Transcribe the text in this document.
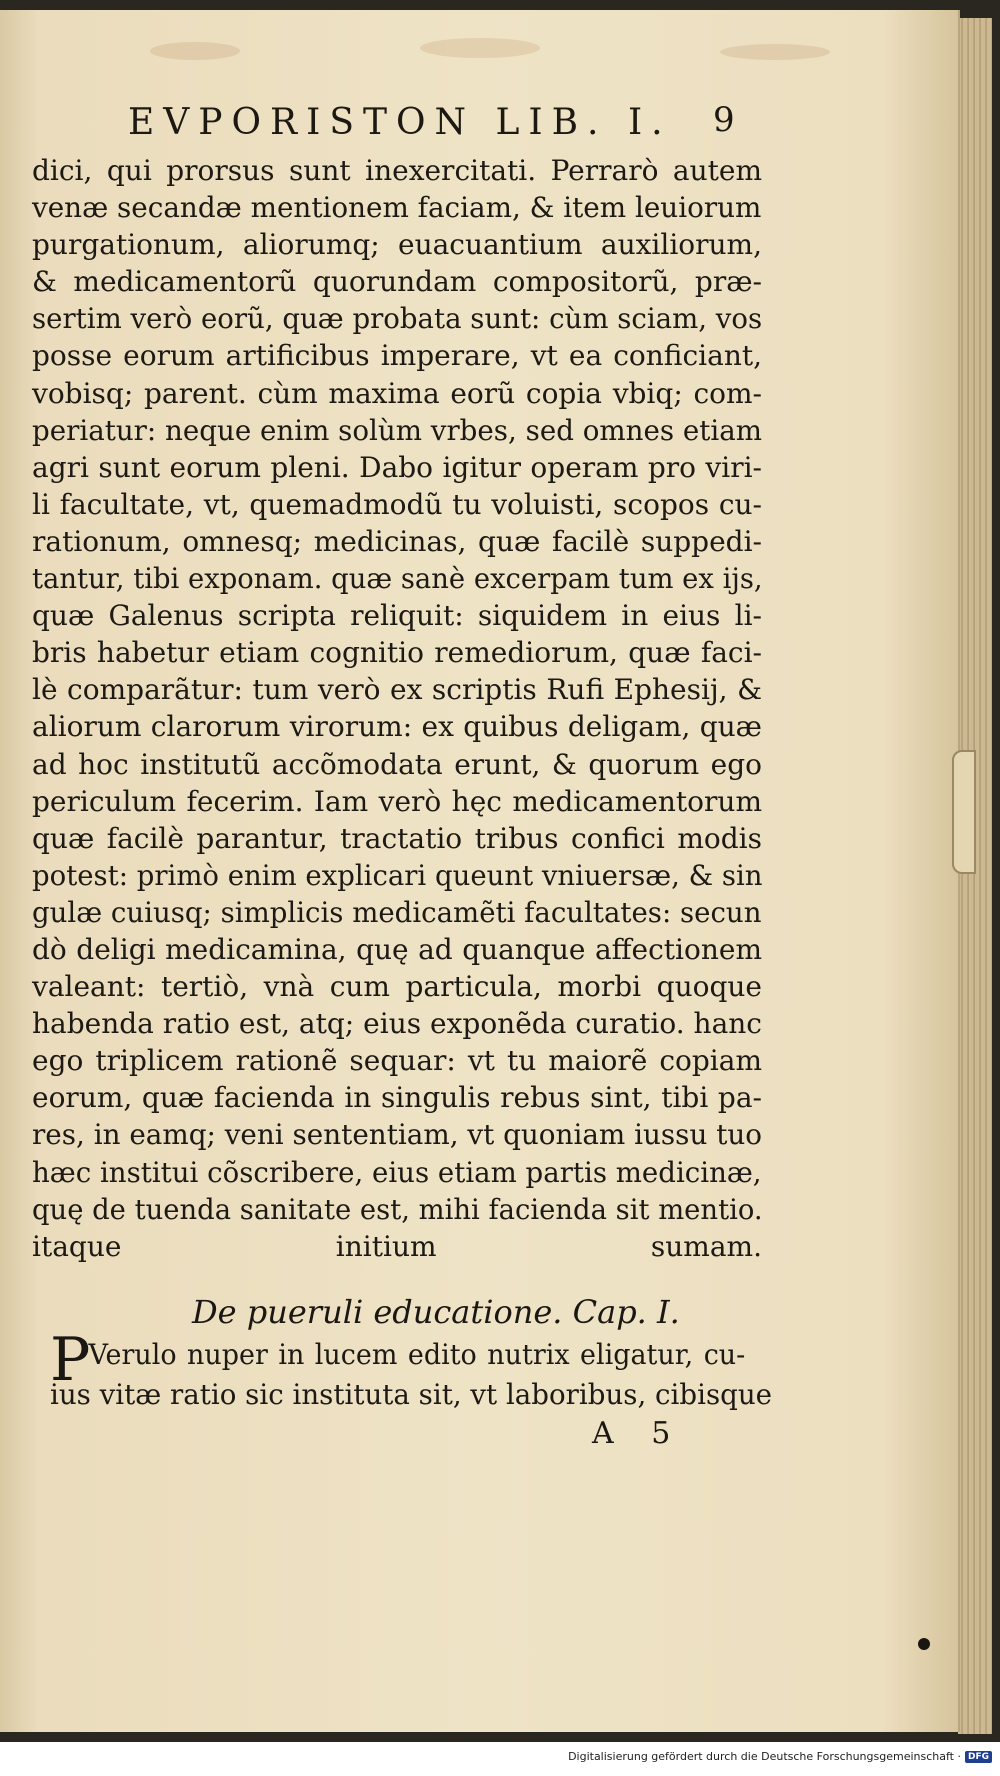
EVPORISTON LIB. I. 9
dici, qui prorsus sunt inexercitati. Perrarò autem
venæ secandæ mentionem faciam, & item leuiorum
purgationum, aliorumq; euacuantium auxiliorum,
& medicamentorũ quorundam compositorũ, præ-
sertim verò eorũ, quæ probata sunt: cùm sciam, vos
posse eorum artificibus imperare, vt ea conficiant,
vobisq; parent. cùm maxima eorũ copia vbiq; com-
periatur: neque enim solùm vrbes, sed omnes etiam
agri sunt eorum pleni. Dabo igitur operam pro viri-
li facultate, vt, quemadmodũ tu voluisti, scopos cu-
rationum, omnesq; medicinas, quæ facilè suppedi-
tantur, tibi exponam. quæ sanè excerpam tum ex ijs,
quæ Galenus scripta reliquit: siquidem in eius li-
bris habetur etiam cognitio remediorum, quæ faci-
lè comparãtur: tum verò ex scriptis Rufi Ephesij, &
aliorum clarorum virorum: ex quibus deligam, quæ
ad hoc institutũ accõmodata erunt, & quorum ego
periculum fecerim. Iam verò hęc medicamentorum
quæ facilè parantur, tractatio tribus confici modis
potest: primò enim explicari queunt vniuersæ, & sin
gulæ cuiusq; simplicis medicamẽti facultates: secun
dò deligi medicamina, quę ad quanque affectionem
valeant: tertiò, vnà cum particula, morbi quoque
habenda ratio est, atq; eius exponẽda curatio. hanc
ego triplicem rationẽ sequar: vt tu maiorẽ copiam
eorum, quæ facienda in singulis rebus sint, tibi pa-
res, in eamq; veni sententiam, vt quoniam iussu tuo
hæc institui cõscribere, eius etiam partis medicinæ,
quę de tuenda sanitate est, mihi facienda sit mentio.
itaque initium sumam.
De pueruli educatione. Cap. I.
P
Verulo nuper in lucem edito nutrix eligatur, cu-
ius vitæ ratio sic instituta sit, vt laboribus, cibisque
A 5
Digitalisierung gefördert durch die Deutsche Forschungsgemeinschaft · DFG
